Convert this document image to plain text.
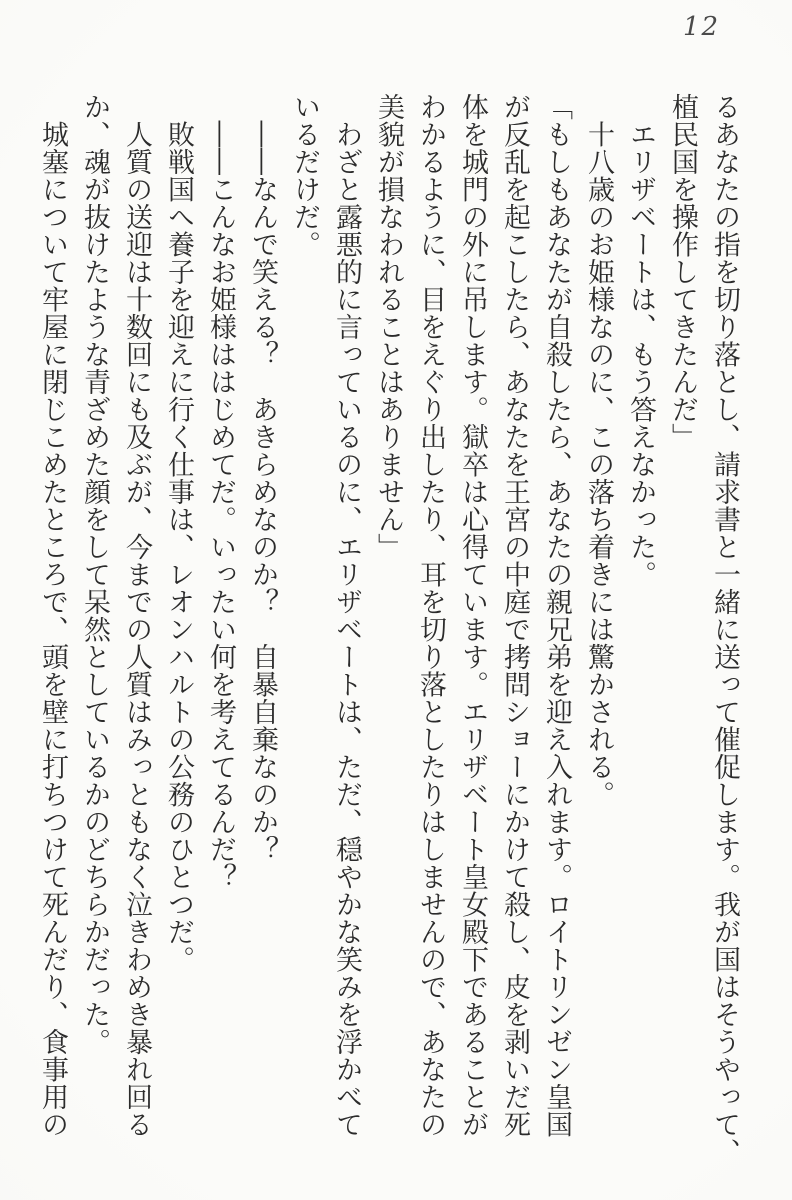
12
るあなたの指を切り落とし、請求書と一緒に送って催促します。我が国はそうやって、
植民国を操作してきたんだ」
　エリザベートは、もう答えなかった。
　十八歳のお姫様なのに、この落ち着きには驚かされる。
「もしもあなたが自殺したら、あなたの親兄弟を迎え入れます。ロイトリンゼン皇国
が反乱を起こしたら、あなたを王宮の中庭で拷問ショーにかけて殺し、皮を剥いだ死
体を城門の外に吊します。獄卒は心得ています。エリザベート皇女殿下であることが
わかるように、目をえぐり出したり、耳を切り落としたりはしませんので、あなたの
美貌が損なわれることはありません」
　わざと露悪的に言っているのに、エリザベートは、ただ、穏やかな笑みを浮かべて
いるだけだ。
　――なんで笑える？　あきらめなのか？　自暴自棄なのか？
　――こんなお姫様ははじめてだ。いったい何を考えてるんだ？
　敗戦国へ養子を迎えに行く仕事は、レオンハルトの公務のひとつだ。
　人質の送迎は十数回にも及ぶが、今までの人質はみっともなく泣きわめき暴れ回る
か、魂が抜けたような青ざめた顔をして呆然としているかのどちらかだった。
　城塞について牢屋に閉じこめたところで、頭を壁に打ちつけて死んだり、食事用の
